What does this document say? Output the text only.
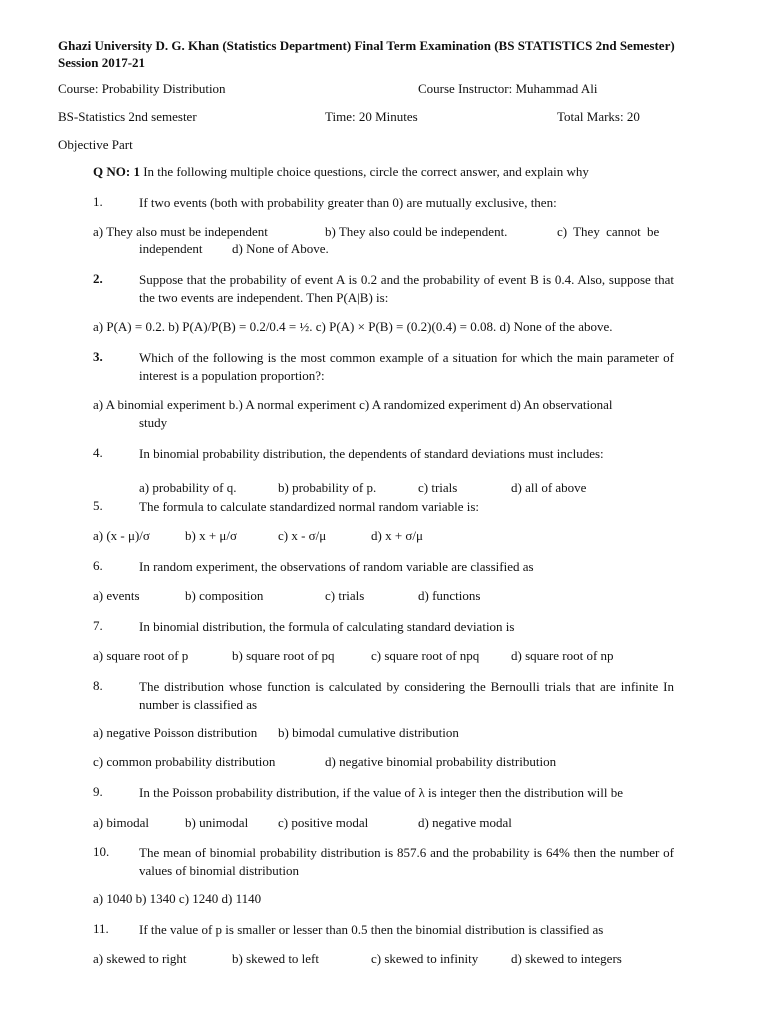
Ghazi University D. G. Khan (Statistics Department) Final Term Examination (BS STATISTICS 2nd Semester) Session 2017-21
Course: Probability Distribution	Course Instructor: Muhammad Ali
BS-Statistics 2nd semester	Time: 20 Minutes	Total Marks: 20
Objective Part
Q NO: 1 In the following multiple choice questions, circle the correct answer, and explain why
1.	If two events (both with probability greater than 0) are mutually exclusive, then:
a) They also must be independent	b) They also could be independent.	c) They cannot be
independent d) None of Above.
2.	Suppose that the probability of event A is 0.2 and the probability of event B is 0.4. Also, suppose that the two events are independent. Then P(A|B) is:
a) P(A) = 0.2. b) P(A)/P(B) = 0.2/0.4 = ½. c) P(A) × P(B) = (0.2)(0.4) = 0.08. d) None of the above.
3.	Which of the following is the most common example of a situation for which the main parameter of interest is a population proportion?:
a) A binomial experiment b.) A normal experiment c) A randomized experiment d) An observational
study
4.	In binomial probability distribution, the dependents of standard deviations must includes:
a) probability of q.	b) probability of p.	c) trials	d) all of above
5.	The formula to calculate standardized normal random variable is:
a) (x - μ)/σ	b) x + μ/σ	c) x - σ/μ	d) x + σ/μ
6.	In random experiment, the observations of random variable are classified as
a) events	b) composition	c) trials	d) functions
7.	In binomial distribution, the formula of calculating standard deviation is
a) square root of p	b) square root of pq	c) square root of npq d) square root of np
8.	The distribution whose function is calculated by considering the Bernoulli trials that are infinite In number is classified as
a) negative Poisson distribution b) bimodal cumulative distribution
c) common probability distribution	d) negative binomial probability distribution
9.	In the Poisson probability distribution, if the value of λ is integer then the distribution will be
a) bimodal	b) unimodal c) positive modal	d) negative modal
10. The mean of binomial probability distribution is 857.6 and the probability is 64% then the number of values of binomial distribution
a) 1040 b) 1340 c) 1240 d) 1140
11. If the value of p is smaller or lesser than 0.5 then the binomial distribution is classified as
a) skewed to right	b) skewed to left	c) skewed to infinity	d) skewed to integers
